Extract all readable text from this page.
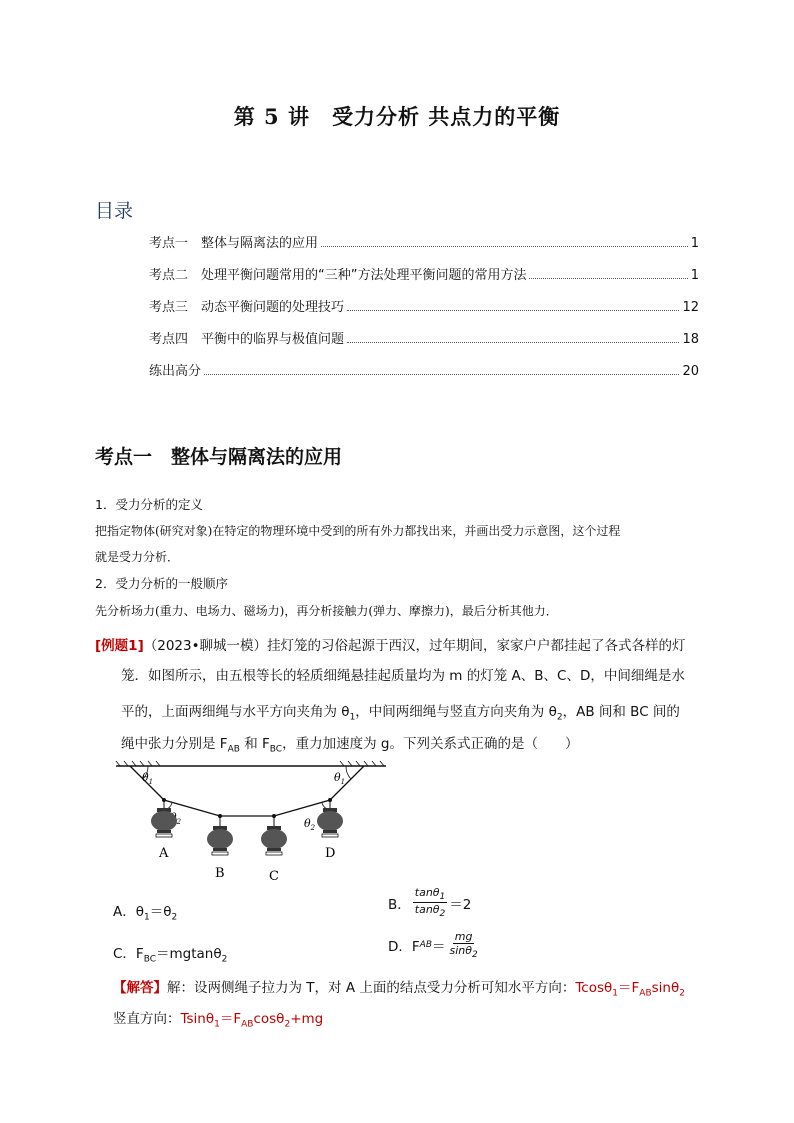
第 5 讲　受力分析 共点力的平衡
目录
考点一　整体与隔离法的应用	1
考点二　处理平衡问题常用的“三种”方法处理平衡问题的常用方法	1
考点三　动态平衡问题的处理技巧	12
考点四　平衡中的临界与极值问题	18
练出高分	20
考点一　整体与隔离法的应用
1．受力分析的定义
把指定物体(研究对象)在特定的物理环境中受到的所有外力都找出来，并画出受力示意图，这个过程
就是受力分析．
2．受力分析的一般顺序
先分析场力(重力、电场力、磁场力)，再分析接触力(弹力、摩擦力)，最后分析其他力．
[例题1]（2023•聊城一模）挂灯笼的习俗起源于西汉，过年期间，家家户户都挂起了各式各样的灯
笼．如图所示，由五根等长的轻质细绳悬挂起质量均为 m 的灯笼 A、B、C、D，中间细绳是水
平的，上面两细绳与水平方向夹角为 $\theta_1$，中间两细绳与竖直方向夹角为 $\theta_2$，AB 间和 BC 间的
绳中张力分别是 $F_{AB}$ 和 $F_{BC}$，重力加速度为 g。下列关系式正确的是（　　）
$\theta_1$	$\theta_1$
$_2$	$\theta_2$
A
B	C
D
A．$\theta_1=\theta_2$
B． $\frac{\tan\theta_1}{\tan\theta_2} =2$
C．$F_{BC}=mgtan\theta_2$
D．F AB ＝ $\frac{mg}{\sin\theta_2}$
【解答】解：设两侧绳子拉力为 T，对 A 上面的结点受力分析可知水平方向：$Tcos\theta_1=F_{AB}\sin\theta_2$
竖直方向：$Tsin\theta_1=F_{AB}\cos\theta_2+mg$
